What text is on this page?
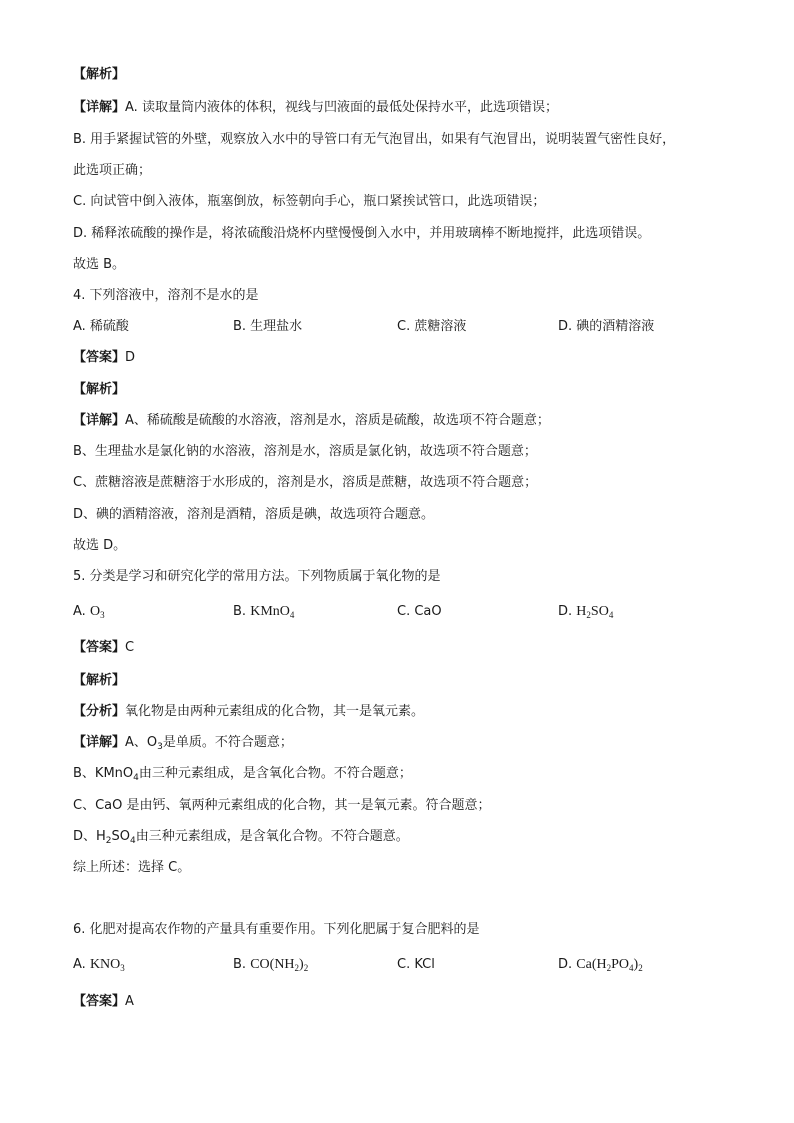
【解析】
【详解】A. 读取量筒内液体的体积，视线与凹液面的最低处保持水平，此选项错误；
B. 用手紧握试管的外壁，观察放入水中的导管口有无气泡冒出，如果有气泡冒出，说明装置气密性良好，
此选项正确；
C. 向试管中倒入液体，瓶塞倒放，标签朝向手心，瓶口紧挨试管口，此选项错误；
D. 稀释浓硫酸的操作是，将浓硫酸沿烧杯内壁慢慢倒入水中，并用玻璃棒不断地搅拌，此选项错误。
故选 B。
4. 下列溶液中，溶剂不是水的是
A. 稀硫酸	B. 生理盐水	C. 蔗糖溶液	D. 碘的酒精溶液
【答案】D
【解析】
【详解】A、稀硫酸是硫酸的水溶液，溶剂是水，溶质是硫酸，故选项不符合题意；
B、生理盐水是氯化钠的水溶液，溶剂是水，溶质是氯化钠，故选项不符合题意；
C、蔗糖溶液是蔗糖溶于水形成的，溶剂是水，溶质是蔗糖，故选项不符合题意；
D、碘的酒精溶液，溶剂是酒精，溶质是碘，故选项符合题意。
故选 D。
5. 分类是学习和研究化学的常用方法。下列物质属于氧化物的是
A. $O_3$	B. KMnO$_4$	C. CaO	D. $H_2SO_4$
【答案】C
【解析】
【分析】氧化物是由两种元素组成的化合物，其一是氧元素。
【详解】A、$O_3$是单质。不符合题意；
B、KMnO$_4$由三种元素组成，是含氧化合物。不符合题意；
C、CaO 是由钙、氧两种元素组成的化合物，其一是氧元素。符合题意；
D、$H_2SO_4$由三种元素组成，是含氧化合物。不符合题意。
综上所述：选择 C。
6. 化肥对提高农作物的产量具有重要作用。下列化肥属于复合肥料的是
A. $KNO_3$	B. $CO(NH_2)_2$	C. KCl	D. $Ca(H_2PO_4)_2$
【答案】A
